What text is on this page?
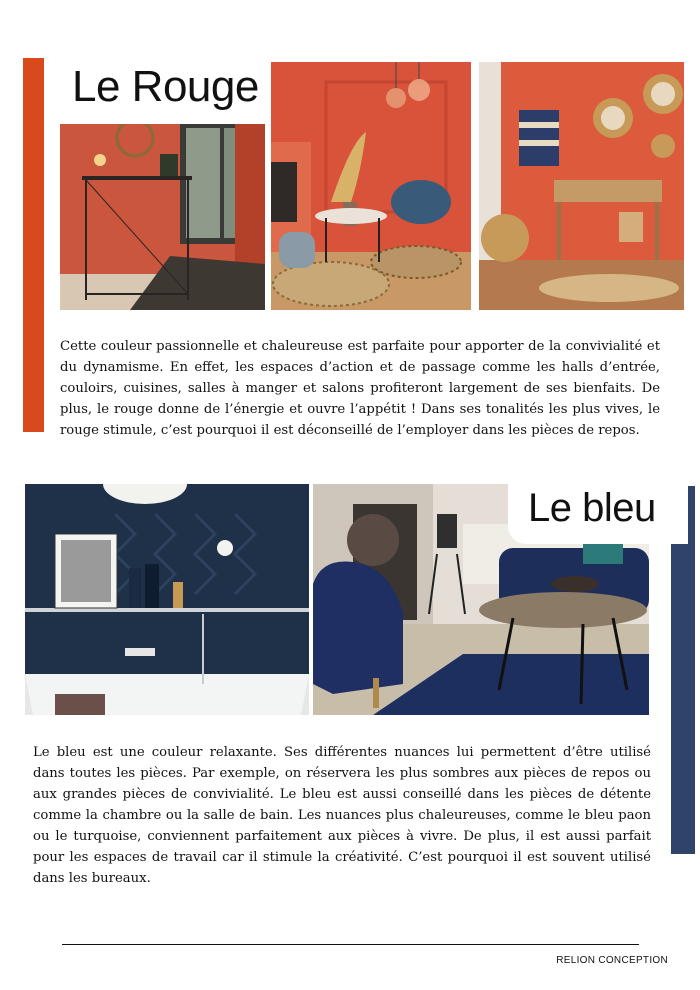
Le Rouge
Cette couleur passionnelle et chaleureuse est parfaite pour apporter de la convivialité et du dynamisme. En effet, les espaces d’action et de passage comme les halls d’entrée, couloirs, cuisines, salles à manger et salons profiteront largement de ses bienfaits. De plus, le rouge donne de l’énergie et ouvre l’appétit ! Dans ses tonalités les plus vives, le rouge stimule, c’est pourquoi il est déconseillé de l’employer dans les pièces de repos.
Le bleu
Le bleu est une couleur relaxante. Ses différentes nuances lui permettent d’être utilisé dans toutes les pièces. Par exemple, on réservera les plus sombres aux pièces de repos ou aux grandes pièces de convivialité. Le bleu est aussi conseillé dans les pièces de détente comme la chambre ou la salle de bain. Les nuances plus chaleureuses, comme le bleu paon ou le turquoise, conviennent parfaitement aux pièces à vivre. De plus, il est aussi parfait pour les espaces de travail car il stimule la créativité. C’est pourquoi il est souvent utilisé dans les bureaux.
RELION CONCEPTION
